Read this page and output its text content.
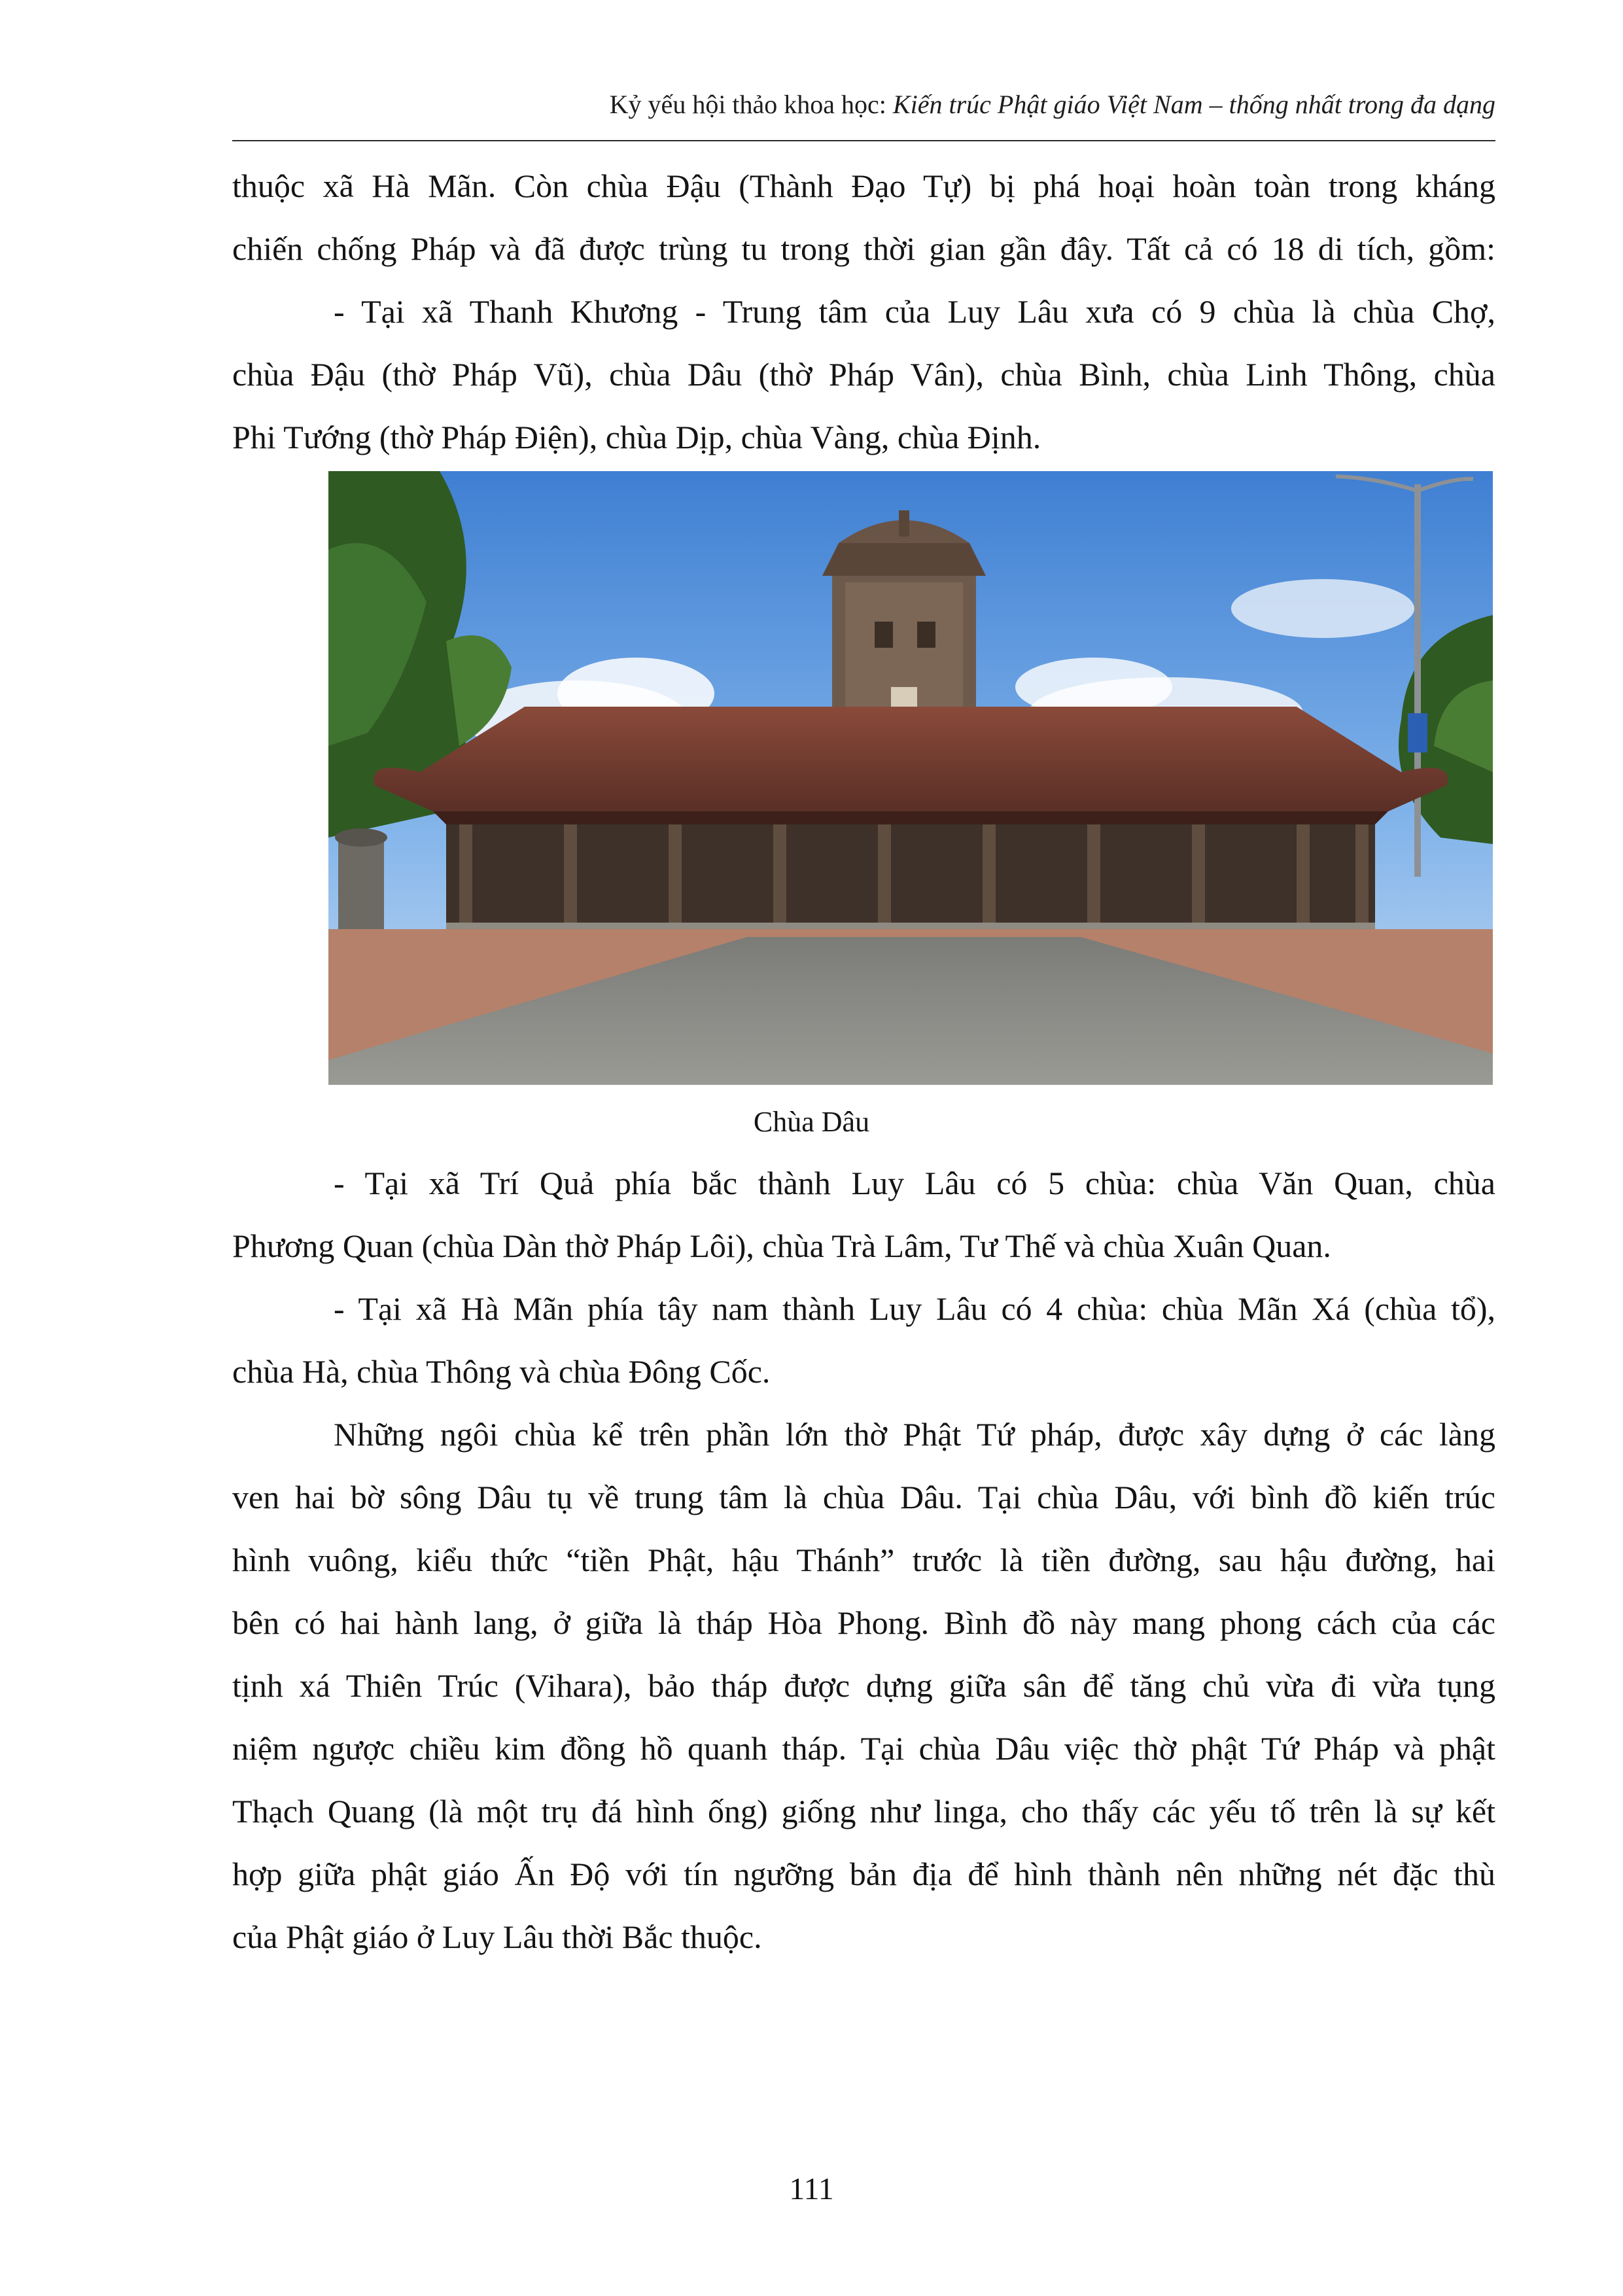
Kỷ yếu hội thảo khoa học: Kiến trúc Phật giáo Việt Nam – thống nhất trong đa dạng
thuộc xã Hà Mãn. Còn chùa Đậu (Thành Đạo Tự) bị phá hoại hoàn toàn trong kháng
chiến chống Pháp và đã được trùng tu trong thời gian gần đây. Tất cả có 18 di tích, gồm:
- Tại xã Thanh Khương - Trung tâm của Luy Lâu xưa có 9 chùa là chùa Chợ,
chùa Đậu (thờ Pháp Vũ), chùa Dâu (thờ Pháp Vân), chùa Bình, chùa Linh Thông, chùa
Phi Tướng (thờ Pháp Điện), chùa Dịp, chùa Vàng, chùa Định.
Chùa Dâu
- Tại xã Trí Quả phía bắc thành Luy Lâu có 5 chùa: chùa Văn Quan, chùa
Phương Quan (chùa Dàn thờ Pháp Lôi), chùa Trà Lâm, Tư Thế và chùa Xuân Quan.
- Tại xã Hà Mãn phía tây nam thành Luy Lâu có 4 chùa: chùa Mãn Xá (chùa tổ),
chùa Hà, chùa Thông và chùa Đông Cốc.
Những ngôi chùa kể trên phần lớn thờ Phật Tứ pháp, được xây dựng ở các làng
ven hai bờ sông Dâu tụ về trung tâm là chùa Dâu. Tại chùa Dâu, với bình đồ kiến trúc
hình vuông, kiểu thức “tiền Phật, hậu Thánh” trước là tiền đường, sau hậu đường, hai
bên có hai hành lang, ở giữa là tháp Hòa Phong. Bình đồ này mang phong cách của các
tịnh xá Thiên Trúc (Vihara), bảo tháp được dựng giữa sân để tăng chủ vừa đi vừa tụng
niệm ngược chiều kim đồng hồ quanh tháp. Tại chùa Dâu việc thờ phật Tứ Pháp và phật
Thạch Quang (là một trụ đá hình ống) giống như linga, cho thấy các yếu tố trên là sự kết
hợp giữa phật giáo Ấn Độ với tín ngưỡng bản địa để hình thành nên những nét đặc thù
của Phật giáo ở Luy Lâu thời Bắc thuộc.
111
